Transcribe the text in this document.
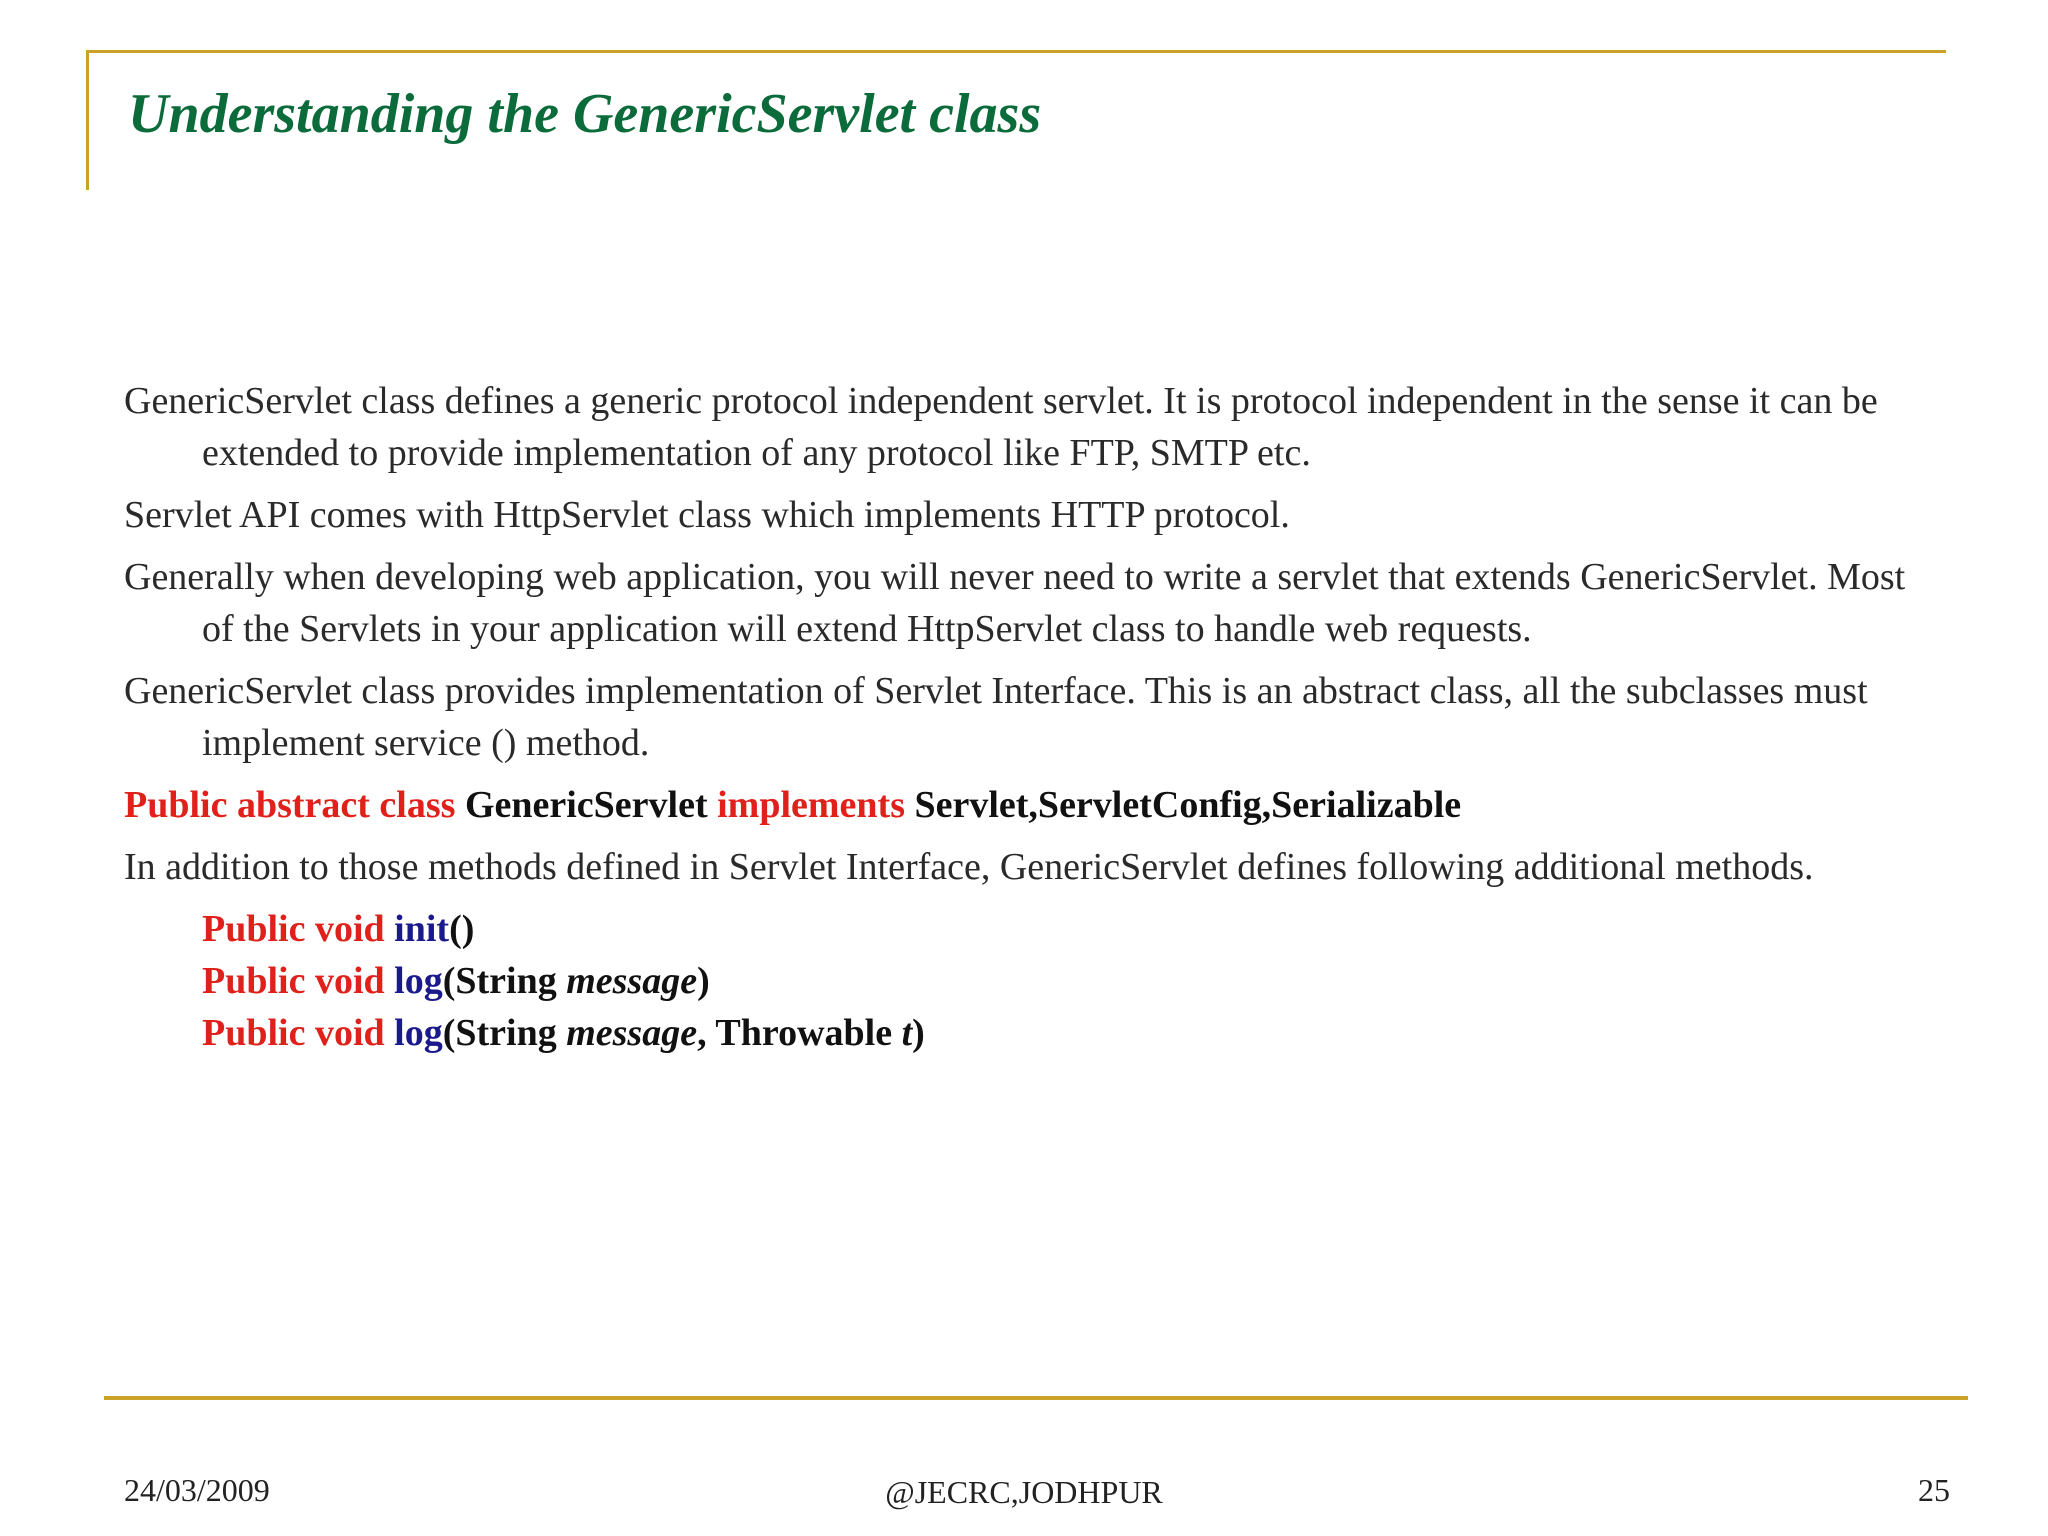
Understanding the GenericServlet class

GenericServlet class defines a generic protocol independent servlet. It is protocol independent in the sense it can be extended to provide implementation of any protocol like FTP, SMTP etc.

Servlet API comes with HttpServlet class which implements HTTP protocol.

Generally when developing web application, you will never need to write a servlet that extends GenericServlet. Most of the Servlets in your application will extend HttpServlet class to handle web requests.

GenericServlet class provides implementation of Servlet Interface. This is an abstract class, all the subclasses must implement service () method.

Public abstract class GenericServlet implements Servlet,ServletConfig,Serializable

In addition to those methods defined in Servlet Interface, GenericServlet defines following additional methods.

Public void init()
Public void log(String message)
Public void log(String message, Throwable t)
24/03/2009	@JECRC,JODHPUR	25
